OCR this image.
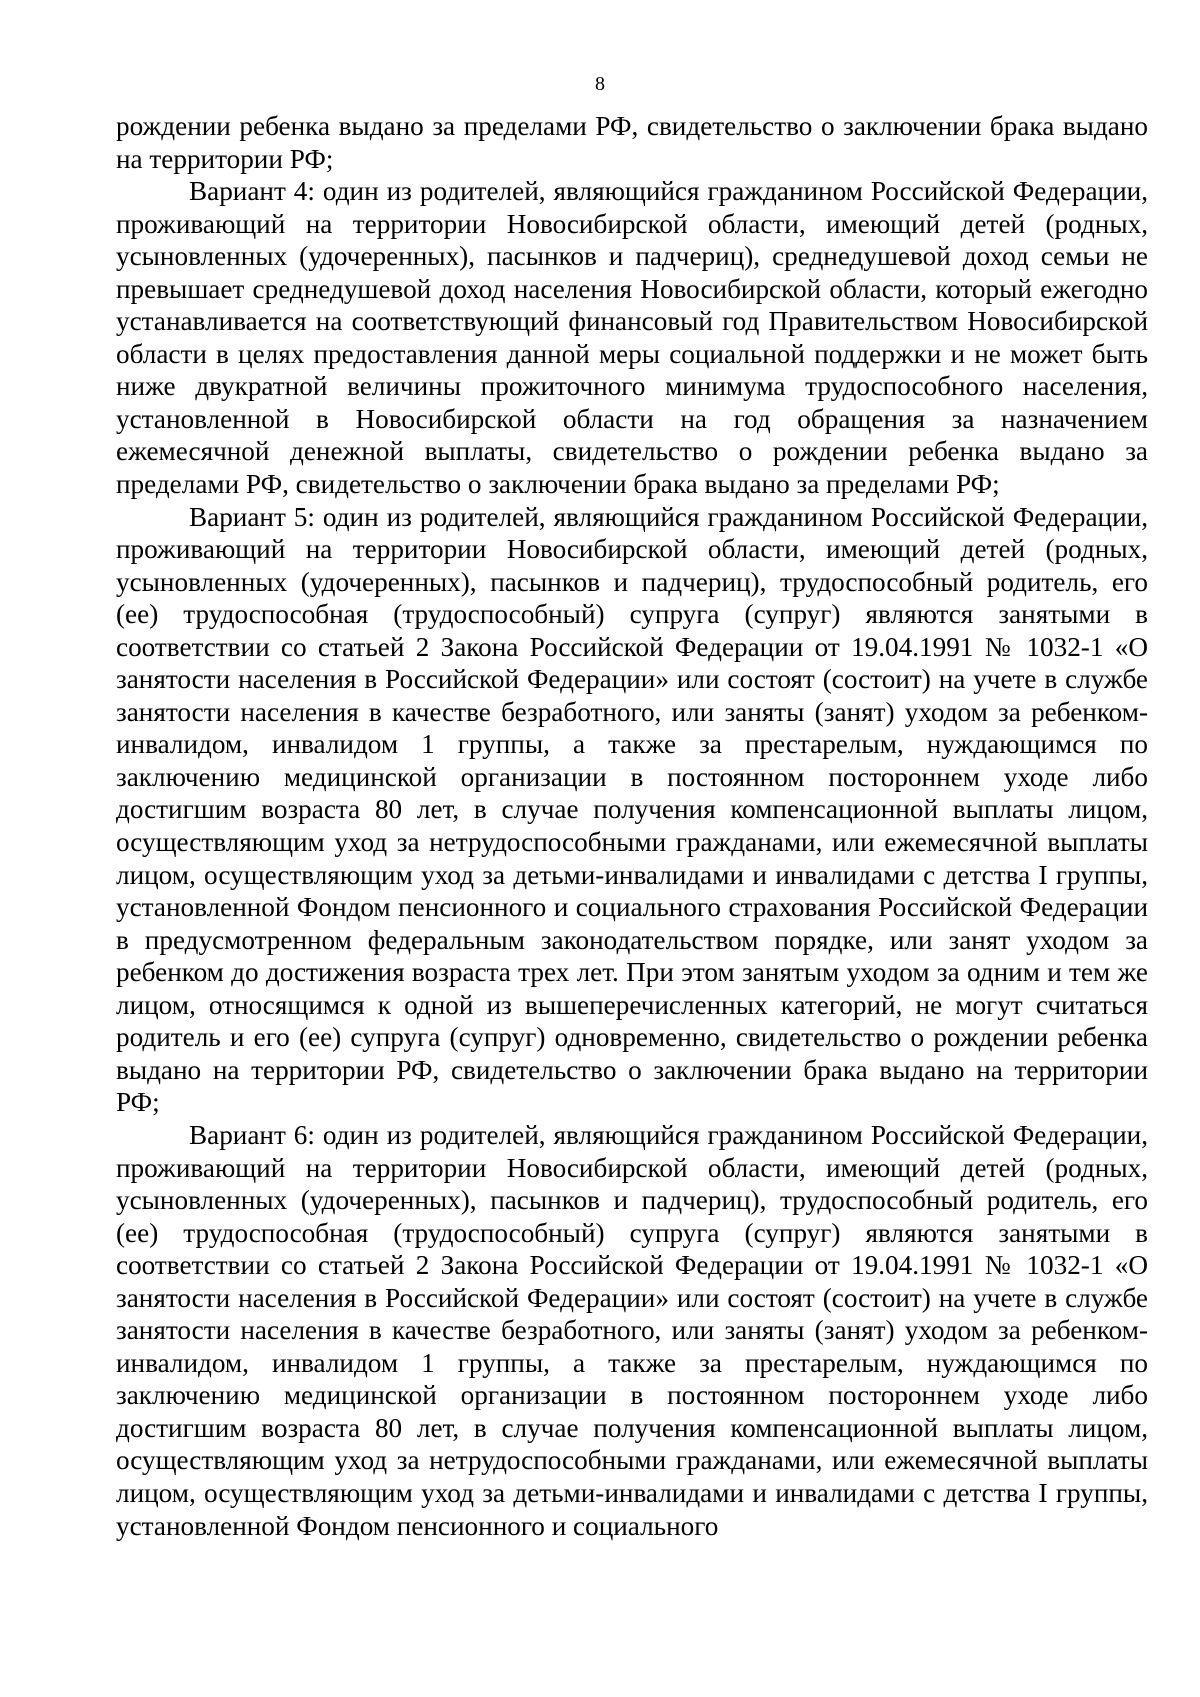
8

рождении ребенка выдано за пределами РФ, свидетельство о заключении брака выдано на территории РФ;

Вариант 4: один из родителей, являющийся гражданином Российской Федерации, проживающий на территории Новосибирской области, имеющий детей (родных, усыновленных (удочеренных), пасынков и падчериц), среднедушевой доход семьи не превышает среднедушевой доход населения Новосибирской области, который ежегодно устанавливается на соответствующий финансовый год Правительством Новосибирской области в целях предоставления данной меры социальной поддержки и не может быть ниже двукратной величины прожиточного минимума трудоспособного населения, установленной в Новосибирской области на год обращения за назначением ежемесячной денежной выплаты, свидетельство о рождении ребенка выдано за пределами РФ, свидетельство о заключении брака выдано за пределами РФ;

Вариант 5: один из родителей, являющийся гражданином Российской Федерации, проживающий на территории Новосибирской области, имеющий детей (родных, усыновленных (удочеренных), пасынков и падчериц), трудоспособный родитель, его (ее) трудоспособная (трудоспособный) супруга (супруг) являются занятыми в соответствии со статьей 2 Закона Российской Федерации от 19.04.1991 № 1032-1 «О занятости населения в Российской Федерации» или состоят (состоит) на учете в службе занятости населения в качестве безработного, или заняты (занят) уходом за ребенком-инвалидом, инвалидом 1 группы, а также за престарелым, нуждающимся по заключению медицинской организации в постоянном постороннем уходе либо достигшим возраста 80 лет, в случае получения компенсационной выплаты лицом, осуществляющим уход за нетрудоспособными гражданами, или ежемесячной выплаты лицом, осуществляющим уход за детьми-инвалидами и инвалидами с детства I группы, установленной Фондом пенсионного и социального страхования Российской Федерации в предусмотренном федеральным законодательством порядке, или занят уходом за ребенком до достижения возраста трех лет. При этом занятым уходом за одним и тем же лицом, относящимся к одной из вышеперечисленных категорий, не могут считаться родитель и его (ее) супруга (супруг) одновременно, свидетельство о рождении ребенка выдано на территории РФ, свидетельство о заключении брака выдано на территории РФ;

Вариант 6: один из родителей, являющийся гражданином Российской Федерации, проживающий на территории Новосибирской области, имеющий детей (родных, усыновленных (удочеренных), пасынков и падчериц), трудоспособный родитель, его (ее) трудоспособная (трудоспособный) супруга (супруг) являются занятыми в соответствии со статьей 2 Закона Российской Федерации от 19.04.1991 № 1032-1 «О занятости населения в Российской Федерации» или состоят (состоит) на учете в службе занятости населения в качестве безработного, или заняты (занят) уходом за ребенком-инвалидом, инвалидом 1 группы, а также за престарелым, нуждающимся по заключению медицинской организации в постоянном постороннем уходе либо достигшим возраста 80 лет, в случае получения компенсационной выплаты лицом, осуществляющим уход за нетрудоспособными гражданами, или ежемесячной выплаты лицом, осуществляющим уход за детьми-инвалидами и инвалидами с детства I группы, установленной Фондом пенсионного и социального
